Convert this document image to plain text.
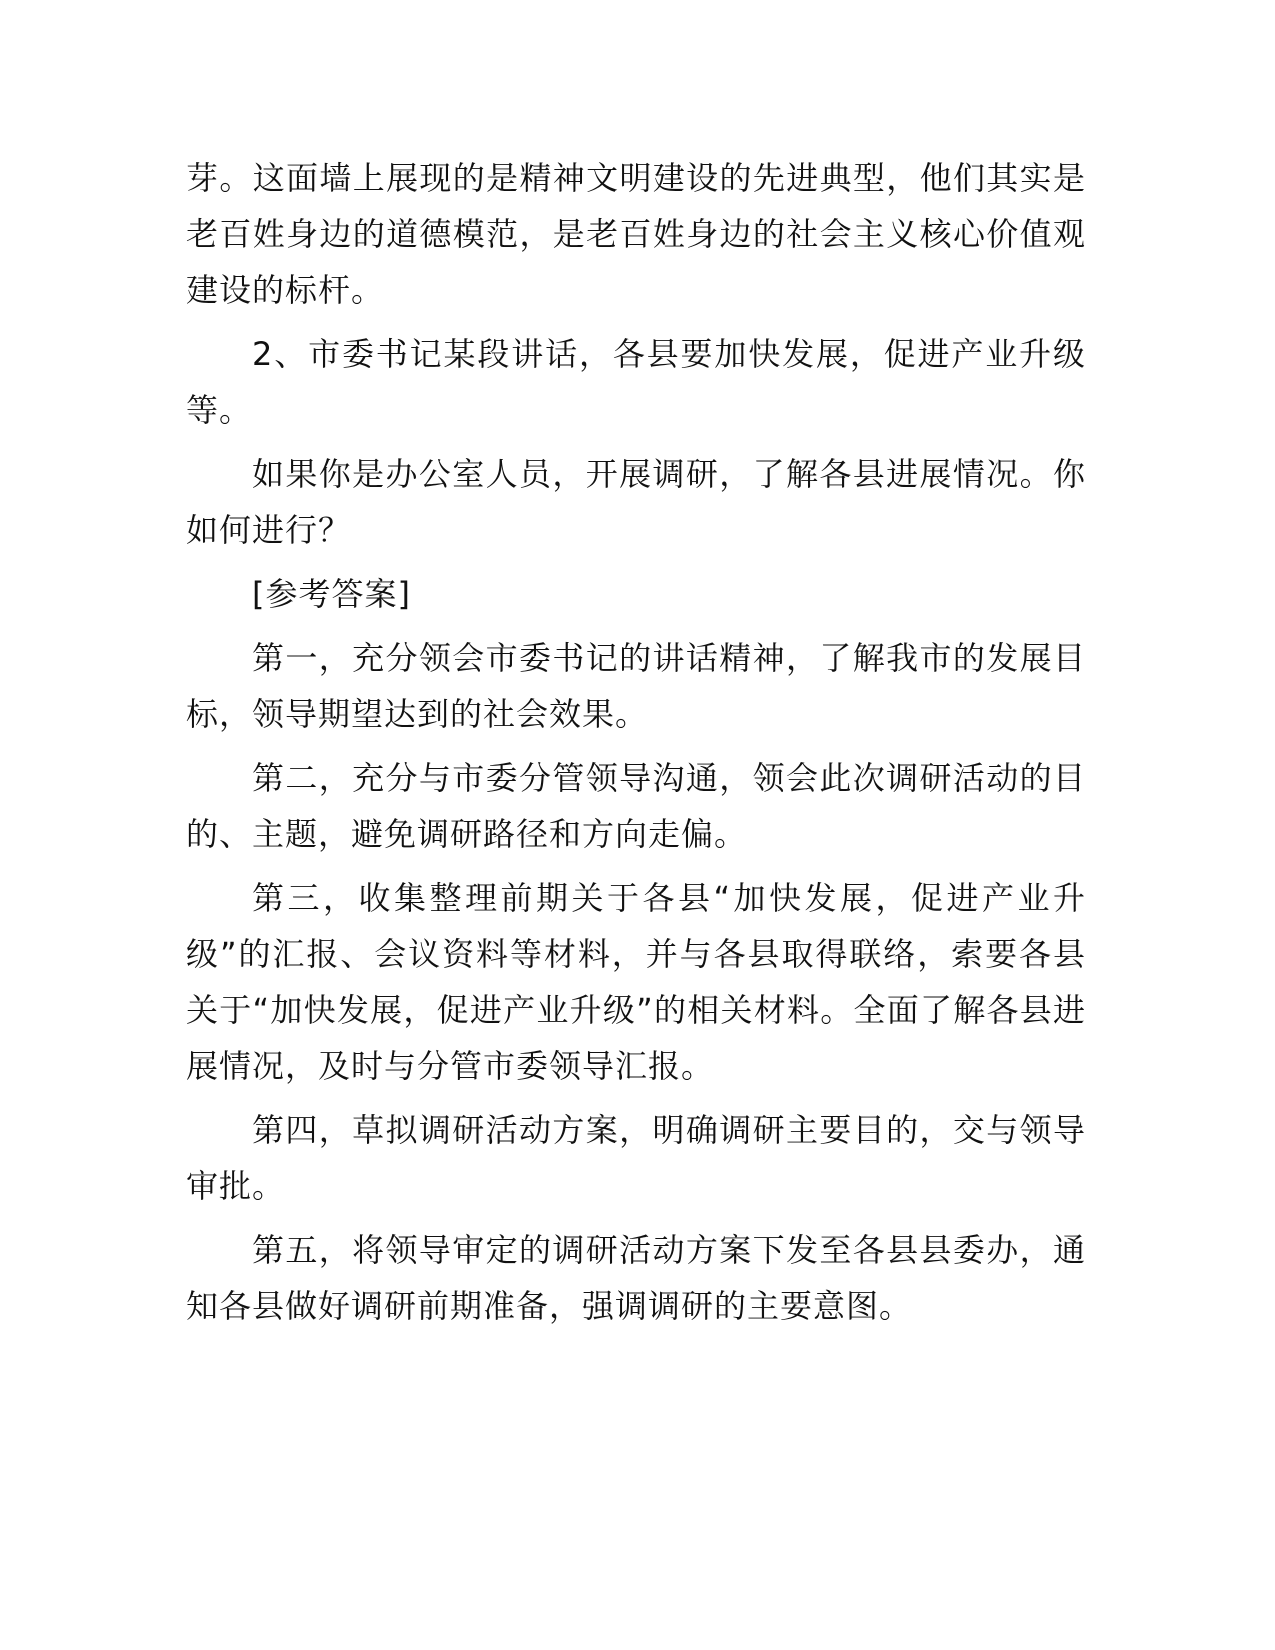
芽。这面墙上展现的是精神文明建设的先进典型，他们其实是老百姓身边的道德模范，是老百姓身边的社会主义核心价值观建设的标杆。

2、市委书记某段讲话，各县要加快发展，促进产业升级等。

如果你是办公室人员，开展调研，了解各县进展情况。你如何进行？

[参考答案]

第一，充分领会市委书记的讲话精神，了解我市的发展目标，领导期望达到的社会效果。

第二，充分与市委分管领导沟通，领会此次调研活动的目的、主题，避免调研路径和方向走偏。

第三，收集整理前期关于各县“加快发展，促进产业升级”的汇报、会议资料等材料，并与各县取得联络，索要各县关于“加快发展，促进产业升级”的相关材料。全面了解各县进展情况，及时与分管市委领导汇报。

第四，草拟调研活动方案，明确调研主要目的，交与领导审批。

第五，将领导审定的调研活动方案下发至各县县委办，通知各县做好调研前期准备，强调调研的主要意图。
